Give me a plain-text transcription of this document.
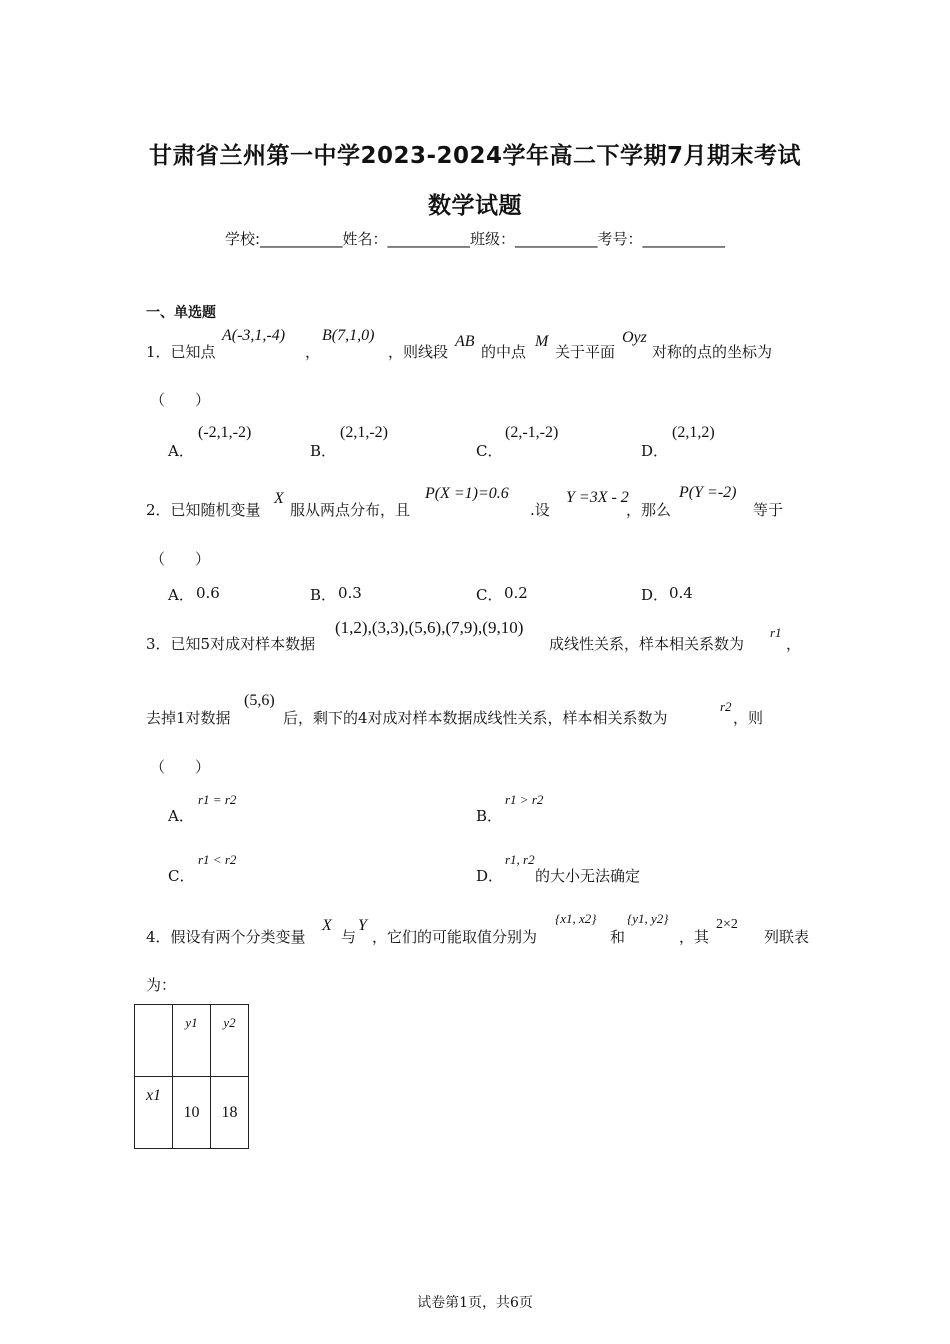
甘肃省兰州第一中学2023-2024学年高二下学期7月期末考试
数学试题
学校:___________姓名：___________班级：___________考号：___________
一、单选题
1．已知点
A(-3,1,-4)
，
B(7,1,0)
，则线段
AB
的中点
M
关于平面
Oyz
对称的点的坐标为
（　　）
A．
(-2,1,-2)
B．
(2,1,-2)
C．
(2,-1,-2)
D．
(2,1,2)
2．已知随机变量
X
服从两点分布，且
P(X =1)=0.6
.设
Y =3X - 2
，那么
P(Y =-2)
等于
（　　）
A． 0.6	B． 0.3	C． 0.2	D． 0.4
3．已知5对成对样本数据
(1,2),(3,3),(5,6),(7,9),(9,10)
成线性关系，样本相关系数为
r1
，
去掉1对数据
(5,6)
后，剩下的4对成对样本数据成线性关系，样本相关系数为
r2
，则
（　　）
A．
r1 = r2
B．
r1 > r2
C．
r1 < r2
D．
r1, r2
的大小无法确定
4．假设有两个分类变量
X
与
Y
，它们的可能取值分别为
{x1, x2}
和
{y1, y2}
，其
2×2
列联表
为：
	y1	y2
x1	10	18
试卷第1页，共6页
